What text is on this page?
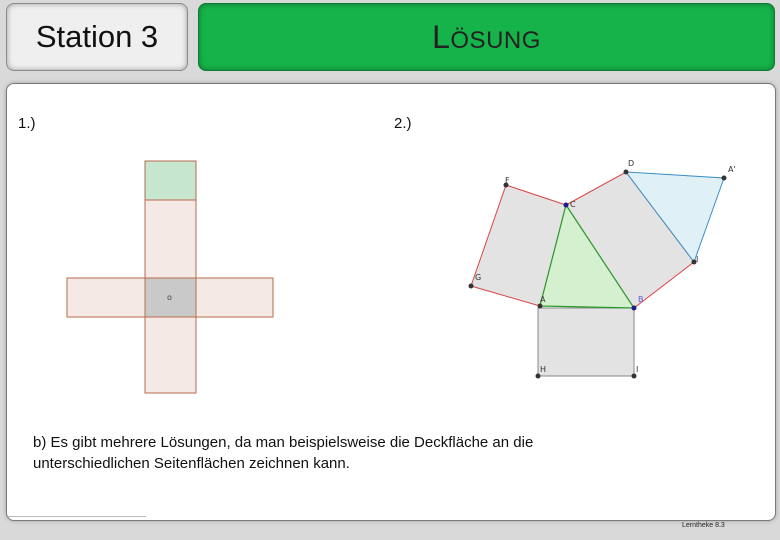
Station 3	LÖSUNG
1.)	2.)
o
D
A'
F
C
G
I
A	B
H	I
b) Es gibt mehrere Lösungen, da man beispielsweise die Deckfläche an die
unterschiedlichen Seitenflächen zeichnen kann.
Lerntheke 8.3
